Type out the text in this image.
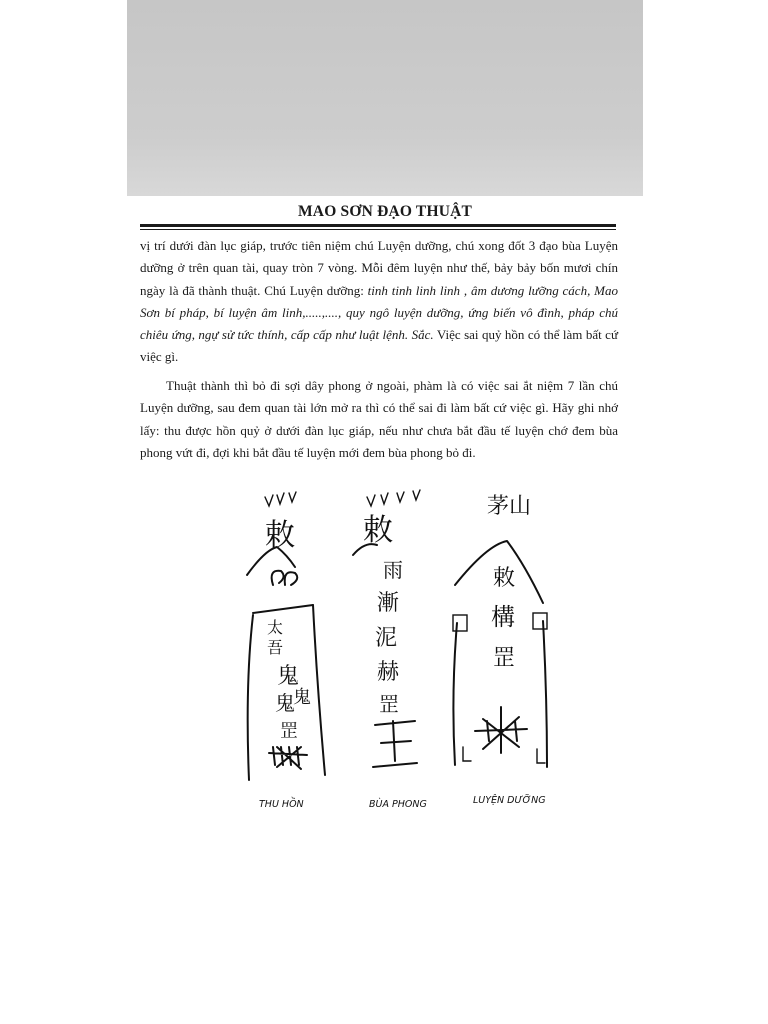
MAO SƠN ĐẠO THUẬT

vị trí dưới đàn lục giáp, trước tiên niệm chú Luyện dưỡng, chú xong đốt 3 đạo bùa Luyện dưỡng ở trên quan tài, quay tròn 7 vòng. Mỗi đêm luyện như thế, bảy bảy bốn mươi chín ngày là đã thành thuật. Chú Luyện dưỡng: tinh tinh linh linh , âm dương lưỡng cách, Mao Sơn bí pháp, bí luyện âm linh,.....,...., quy ngô luyện dưỡng, ứng biến vô đình, pháp chú chiêu ứng, ngự sử tức thính, cấp cấp như luật lệnh. Sắc. Việc sai quỷ hồn có thể làm bất cứ việc gì.

Thuật thành thì bỏ đi sợi dây phong ở ngoài, phàm là có việc sai ắt niệm 7 lần chú Luyện dưỡng, sau đem quan tài lớn mở ra thì có thể sai đi làm bất cứ việc gì. Hãy ghi nhớ lấy: thu được hồn quỷ ở dưới đàn lục giáp, nếu như chưa bắt đầu tế luyện chớ đem bùa phong vứt đi, đợi khi bắt đầu tế luyện mới đem bùa phong bỏ đi.

敕
太
吾
鬼
鬼
鬼
罡
THU HỒN
敕
雨
漸
泥
赫
罡
BÙA PHONG
茅山
敕
構
罡
LUYỆN DƯỠNG
